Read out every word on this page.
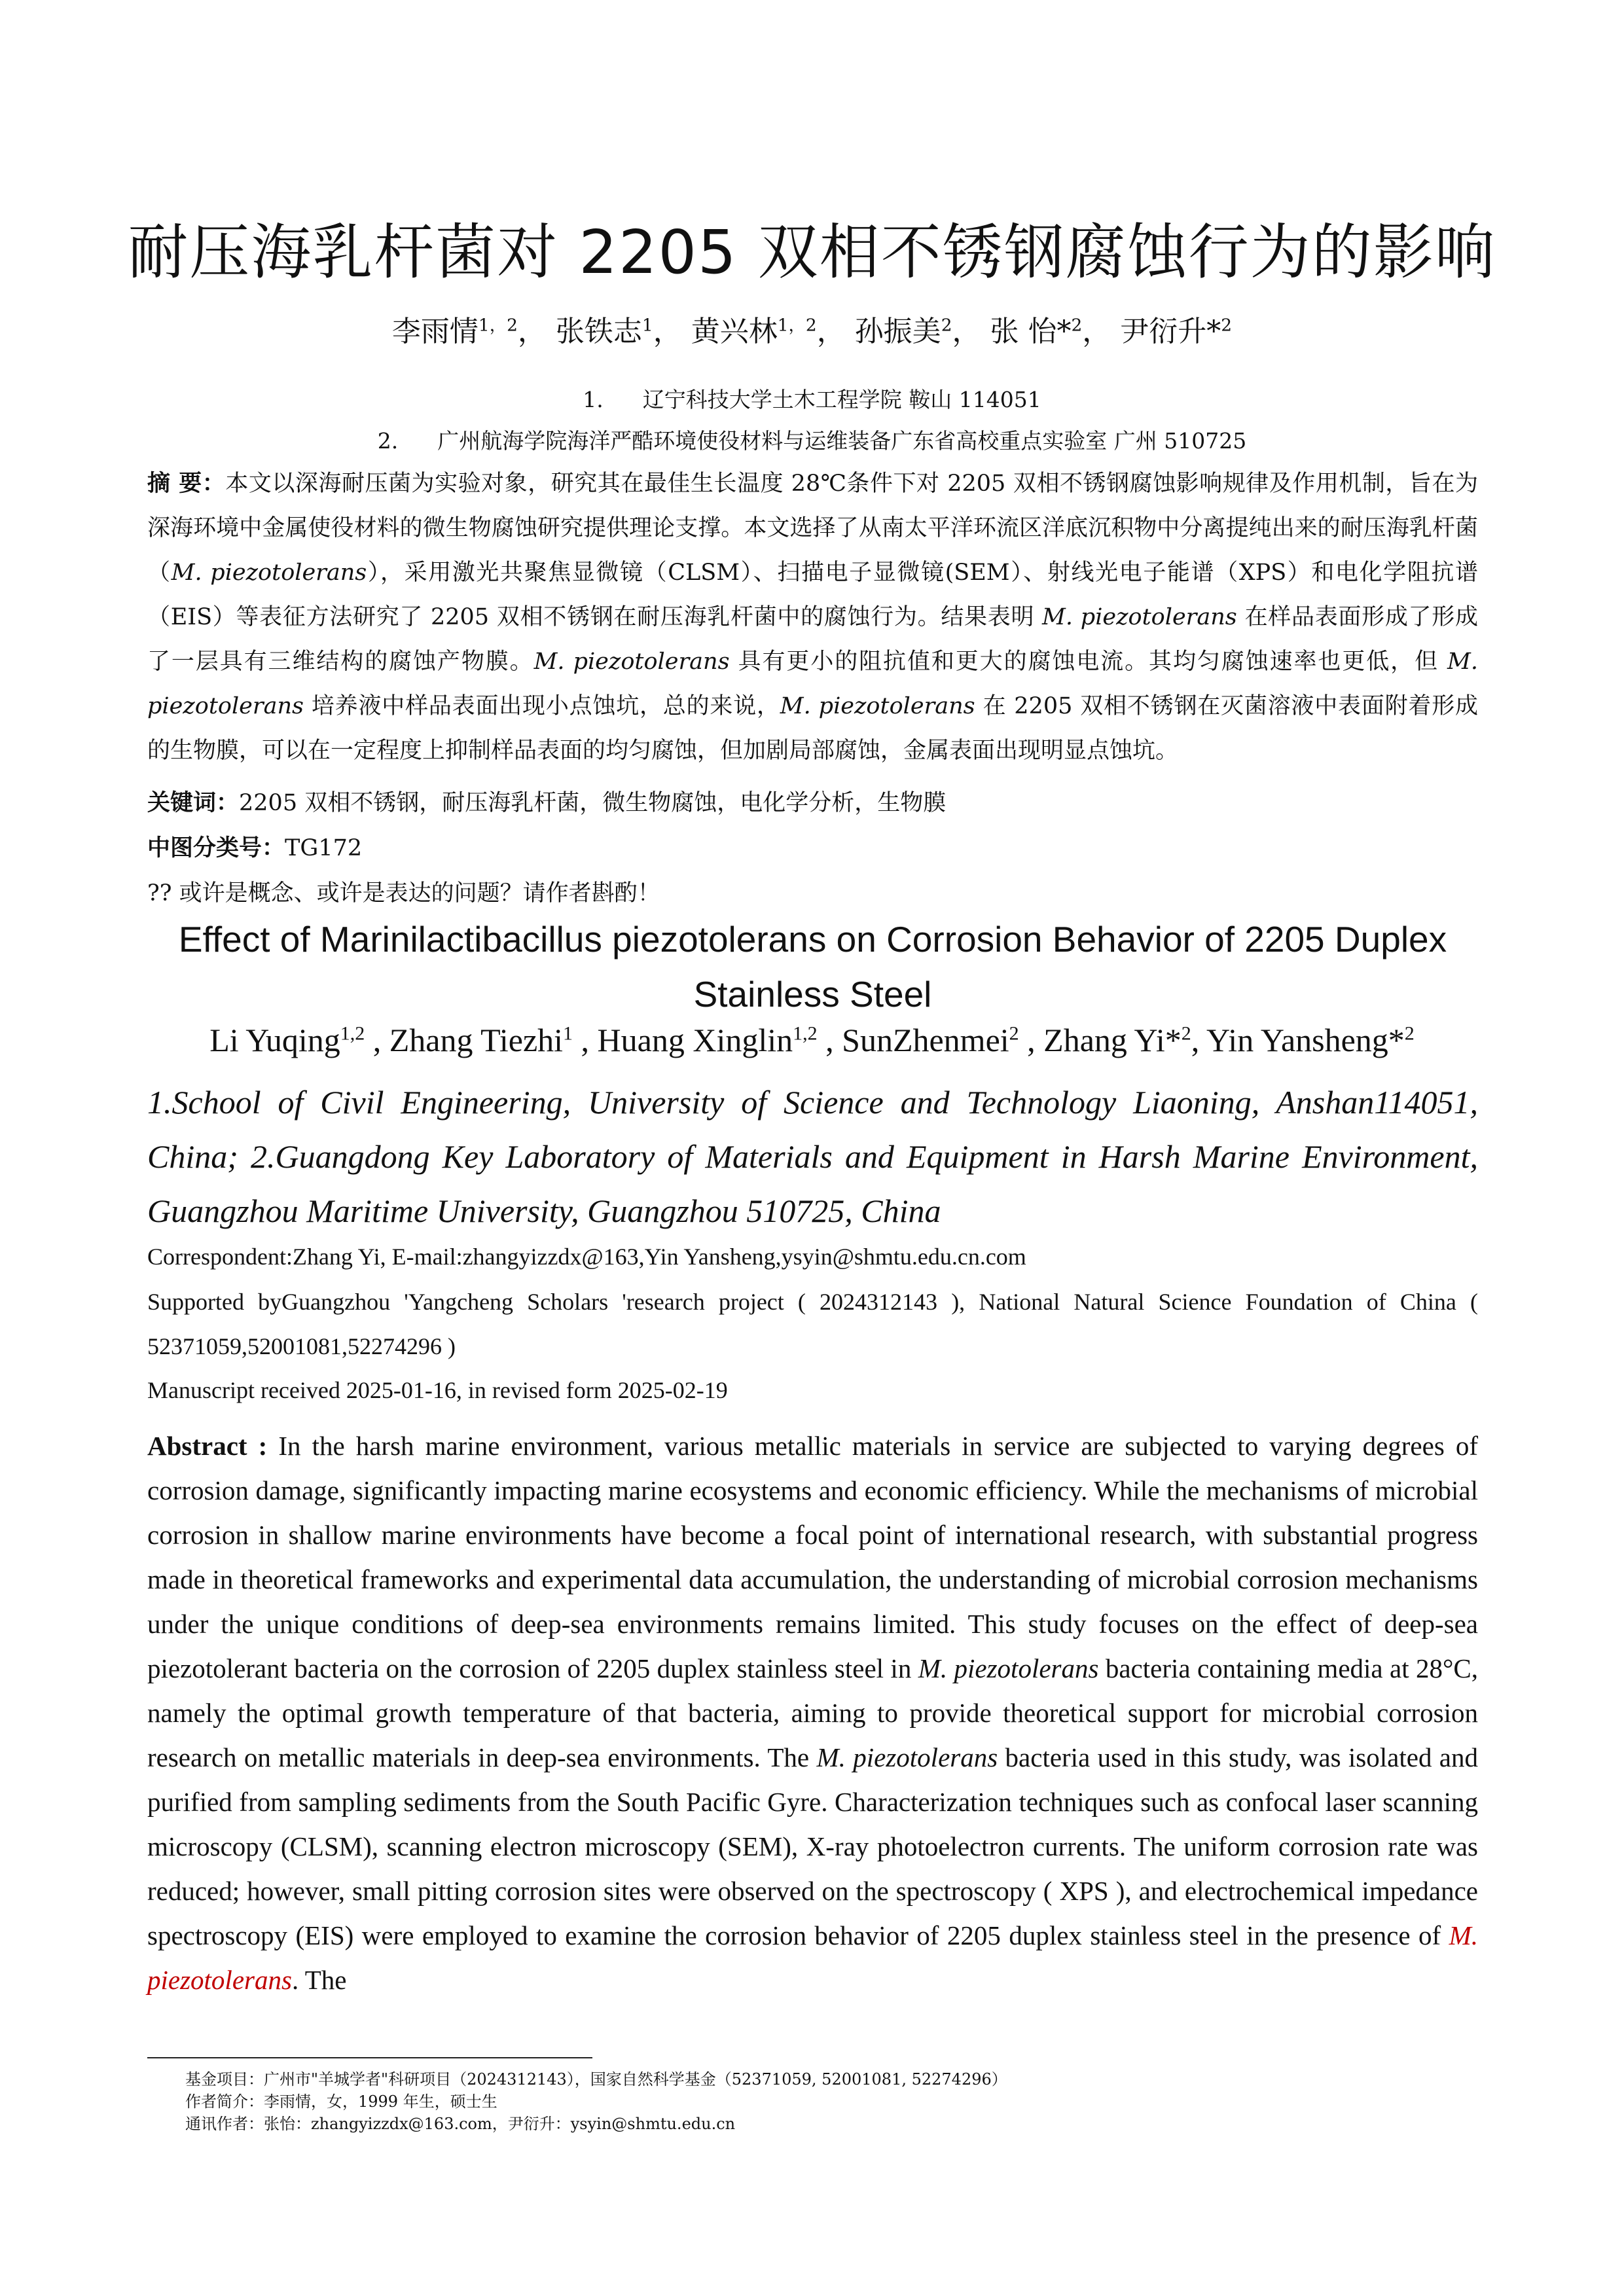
耐压海乳杆菌对 2205 双相不锈钢腐蚀行为的影响
李雨情$^{1,2}$， 张铁志$^1$， 黄兴林$^{1,2}$， 孙振美$^2$， 张 怡*$^2$， 尹衍升*$^2$
1. 辽宁科技大学土木工程学院 鞍山 114051
2. 广州航海学院海洋严酷环境使役材料与运维装备广东省高校重点实验室 广州 510725
摘 要：本文以深海耐压菌为实验对象，研究其在最佳生长温度 28℃条件下对 2205 双相不锈钢腐蚀影响规律及作用机制，旨在为深海环境中金属使役材料的微生物腐蚀研究提供理论支撑。本文选择了从南太平洋环流区洋底沉积物中分离提纯出来的耐压海乳杆菌（M. piezotolerans），采用激光共聚焦显微镜（CLSM）、扫描电子显微镜(SEM）、射线光电子能谱（XPS）和电化学阻抗谱（EIS）等表征方法研究了 2205 双相不锈钢在耐压海乳杆菌中的腐蚀行为。结果表明 M. piezotolerans 在样品表面形成了形成了一层具有三维结构的腐蚀产物膜。M. piezotolerans 具有更小的阻抗值和更大的腐蚀电流。其均匀腐蚀速率也更低，但 M. piezotolerans 培养液中样品表面出现小点蚀坑，总的来说，M. piezotolerans 在 2205 双相不锈钢在灭菌溶液中表面附着形成的生物膜，可以在一定程度上抑制样品表面的均匀腐蚀，但加剧局部腐蚀，金属表面出现明显点蚀坑。
关键词：2205 双相不锈钢，耐压海乳杆菌，微生物腐蚀，电化学分析，生物膜
中图分类号：TG172
?? 或许是概念、或许是表达的问题？请作者斟酌！
Effect of Marinilactibacillus piezotolerans on Corrosion Behavior of 2205 Duplex Stainless Steel
Li Yuqing$^{1,2}$ , Zhang Tiezhi$^1$ , Huang Xinglin$^{1,2}$ , SunZhenmei$^2$ , Zhang Yi*$^2$, Yin Yansheng*$^2$
1.School of Civil Engineering, University of Science and Technology Liaoning, Anshan114051, China; 2.Guangdong Key Laboratory of Materials and Equipment in Harsh Marine Environment, Guangzhou Maritime University, Guangzhou 510725, China
Correspondent:Zhang Yi, E-mail:zhangyizzdx@163,Yin Yansheng,ysyin@shmtu.edu.cn.com
Supported byGuangzhou 'Yangcheng Scholars 'research project ( 2024312143 ), National Natural Science Foundation of China ( 52371059,52001081,52274296 )
Manuscript received 2025-01-16, in revised form 2025-02-19
Abstract : In the harsh marine environment, various metallic materials in service are subjected to varying degrees of corrosion damage, significantly impacting marine ecosystems and economic efficiency. While the mechanisms of microbial corrosion in shallow marine environments have become a focal point of international research, with substantial progress made in theoretical frameworks and experimental data accumulation, the understanding of microbial corrosion mechanisms under the unique conditions of deep-sea environments remains limited. This study focuses on the effect of deep-sea piezotolerant bacteria on the corrosion of 2205 duplex stainless steel in M. piezotolerans bacteria containing media at 28°C, namely the optimal growth temperature of that bacteria, aiming to provide theoretical support for microbial corrosion research on metallic materials in deep-sea environments. The M. piezotolerans bacteria used in this study, was isolated and purified from sampling sediments from the South Pacific Gyre. Characterization techniques such as confocal laser scanning microscopy (CLSM), scanning electron microscopy (SEM), X-ray photoelectron currents. The uniform corrosion rate was reduced; however, small pitting corrosion sites were observed on the spectroscopy ( XPS ), and electrochemical impedance spectroscopy (EIS) were employed to examine the corrosion behavior of 2205 duplex stainless steel in the presence of M. piezotolerans. The
基金项目：广州市"羊城学者"科研项目（2024312143），国家自然科学基金（52371059, 52001081, 52274296）
作者简介：李雨情，女，1999 年生，硕士生
通讯作者：张怡：zhangyizzdx@163.com，尹衍升：ysyin@shmtu.edu.cn
